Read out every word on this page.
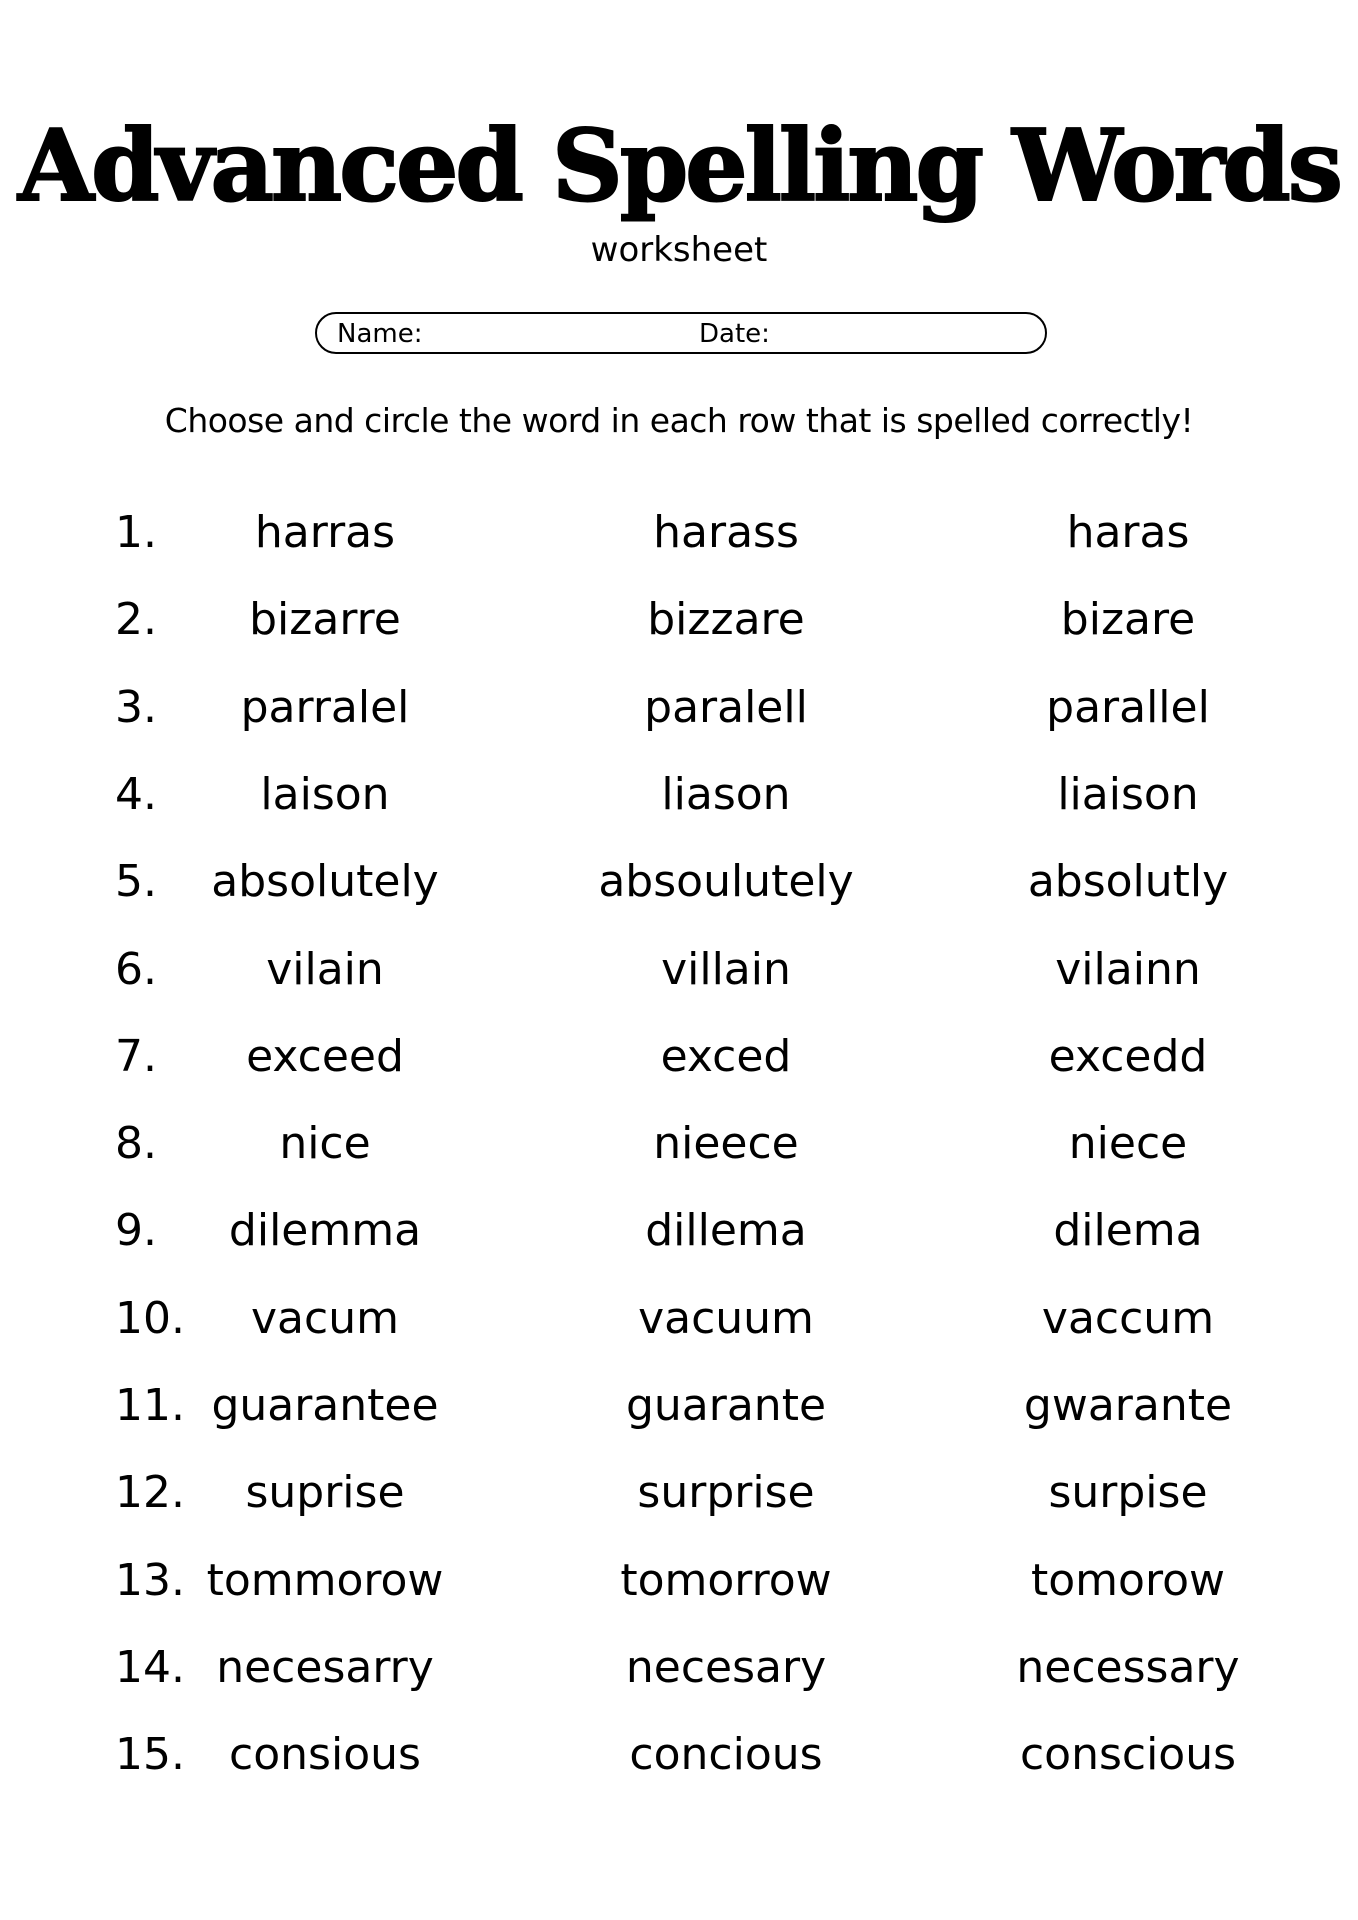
Advanced Spelling Words
worksheet
Name:	Date:
Choose and circle the word in each row that is spelled correctly!
1.	harras	harass	haras
2.	bizarre	bizzare	bizare
3.	parralel	paralell	parallel
4.	laison	liason	liaison
5.	absolutely	absoulutely	absolutly
6.	vilain	villain	vilainn
7.	exceed	exced	excedd
8.	nice	nieece	niece
9.	dilemma	dillema	dilema
10.	vacum	vacuum	vaccum
11. guarantee	guarante	gwarante
12.	suprise	surprise	surpise
13. tommorow	tomorrow	tomorow
14. necesarry	necesary	necessary
15.	consious	concious	conscious
